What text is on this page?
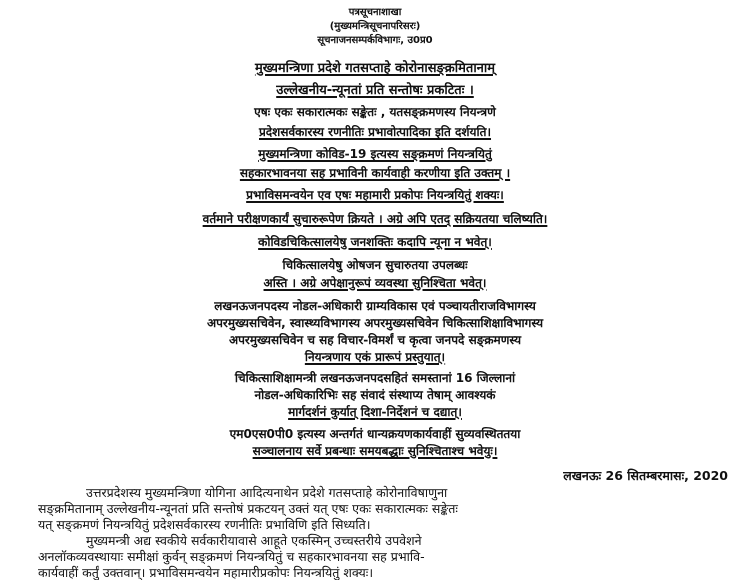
पत्रसूचनाशाखा
(मुख्यमन्त्रिसूचनापरिसरः)
सूचनाजनसम्पर्कविभागः, उ0प्र0
मुख्यमन्त्रिणा प्रदेशे गतसप्ताहे कोरोनासङ्क्रमितानाम्
उल्लेखनीय-न्यूनतां प्रति सन्तोषः प्रकटितः ।
एषः एकः सकारात्मकः सङ्केतः , यतसङ्क्रमणस्य नियन्त्रणे
प्रदेशसर्वकारस्य रणनीतिः प्रभावोत्पादिका इति दर्शयति।
मुख्यमन्त्रिणा कोविड-19 इत्यस्य सङ्क्रमणं नियन्त्रयितुं
सहकारभावनया सह प्रभाविनी कार्यवाही करणीया इति उक्तम् ।
प्रभाविसमन्वयेन एव एषः महामारी प्रकोपः नियन्त्रयितुं शक्यः।
वर्तमाने परीक्षणकार्यं सुचारुरूपेण क्रियते । अग्रे अपि एतद् सक्रियतया चलिष्यति।
कोविडचिकित्सालयेषु जनशक्तिः कदापि न्यूना न भवेत्।
चिकित्सालयेषु ओषजन सुचारुतया उपलब्धः
अस्ति । अग्रे अपेक्षानुरूपं व्यवस्था सुनिश्चिता भवेत्।
लखनऊजनपदस्य नोडल-अधिकारी ग्राम्यविकास एवं पञ्चायतीराजविभागस्य
अपरमुख्यसचिवेन, स्वास्थ्यविभागस्य अपरमुख्यसचिवेन चिकित्साशिक्षाविभागस्य
अपरमुख्यसचिवेन च सह विचार-विमर्शं च कृत्वा जनपदे सङ्क्रमणस्य
नियन्त्रणाय एकं प्रारूपं प्रस्तुयात्।
चिकित्साशिक्षामन्त्री लखनऊजनपदसहितं समस्तानां 16 जिल्लानां
नोडल-अधिकारिभिः सह संवादं संस्थाप्य तेषाम् आवश्यकं
मार्गदर्शनं कुर्यात् दिशा-निर्देशनं च दद्यात्।
एम0एस0पी0 इत्यस्य अन्तर्गतं धान्यक्रयणकार्यवाहीं सुव्यवस्थिततया
सञ्चालनाय सर्वे प्रबन्धाः समयबद्धाः सुनिश्चिताश्च भवेयुः।
लखनऊः 26 सितम्बरमासः, 2020
उत्तरप्रदेशस्य मुख्यमन्त्रिणा योगिना आदित्यनाथेन प्रदेशे गतसप्ताहे कोरोनाविषाणुना
सङ्क्रमितानाम् उल्लेखनीय-न्यूनतां प्रति सन्तोषं प्रकटयन् उक्तं यत् एषः एकः सकारात्मकः सङ्केतः
यत् सङ्क्रमणं नियन्त्रयितुं प्रदेशसर्वकारस्य रणनीतिः प्रभाविणि इति सिध्यति।
मुख्यमन्त्री अद्य स्वकीये सर्वकारीयावासे आहूते एकस्मिन् उच्चस्तरीये उपवेशने
अनलॉकव्यवस्थायाः समीक्षां कुर्वन् सङ्क्रमणं नियन्त्रयितुं च सहकारभावनया सह प्रभावि-
कार्यवाहीं कर्तुं उक्तवान्। प्रभाविसमन्वयेन महामारीप्रकोपः नियन्त्रयितुं शक्यः।
